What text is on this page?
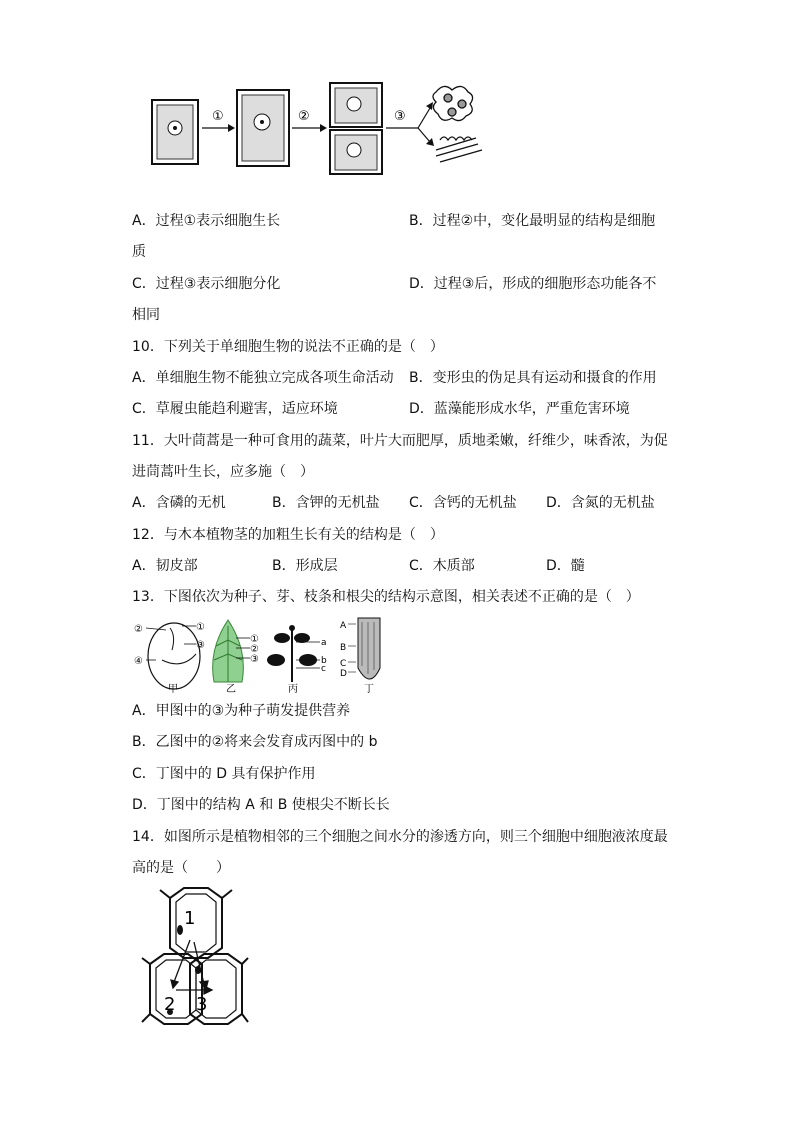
①	②	③
A．过程①表示细胞生长	B．过程②中，变化最明显的结构是细胞
质
C．过程③表示细胞分化	D．过程③后，形成的细胞形态功能各不
相同
10．下列关于单细胞生物的说法不正确的是（　）
A．单细胞生物不能独立完成各项生命活动 B．变形虫的伪足具有运动和摄食的作用
C．草履虫能趋利避害，适应环境	D．蓝藻能形成水华，严重危害环境
11．大叶茼蒿是一种可食用的蔬菜，叶片大而肥厚，质地柔嫩，纤维少，味香浓，为促
进茼蒿叶生长，应多施（　）
A．含磷的无机	B．含钾的无机盐 C．含钙的无机盐 D．含氮的无机盐
12．与木本植物茎的加粗生长有关的结构是（　）
A．韧皮部	B．形成层	C．木质部	D．髓
13．下图依次为种子、芽、枝条和根尖的结构示意图，相关表述不正确的是（　）
②	①
③
④
甲
①
②
③
乙
a
b
c
丙
A
B
C
D
丁
A．甲图中的③为种子萌发提供营养
B．乙图中的②将来会发育成丙图中的 b
C．丁图中的 D 具有保护作用
D．丁图中的结构 A 和 B 使根尖不断长长
14．如图所示是植物相邻的三个细胞之间水分的渗透方向，则三个细胞中细胞液浓度最
高的是（　　）
1
2 3
